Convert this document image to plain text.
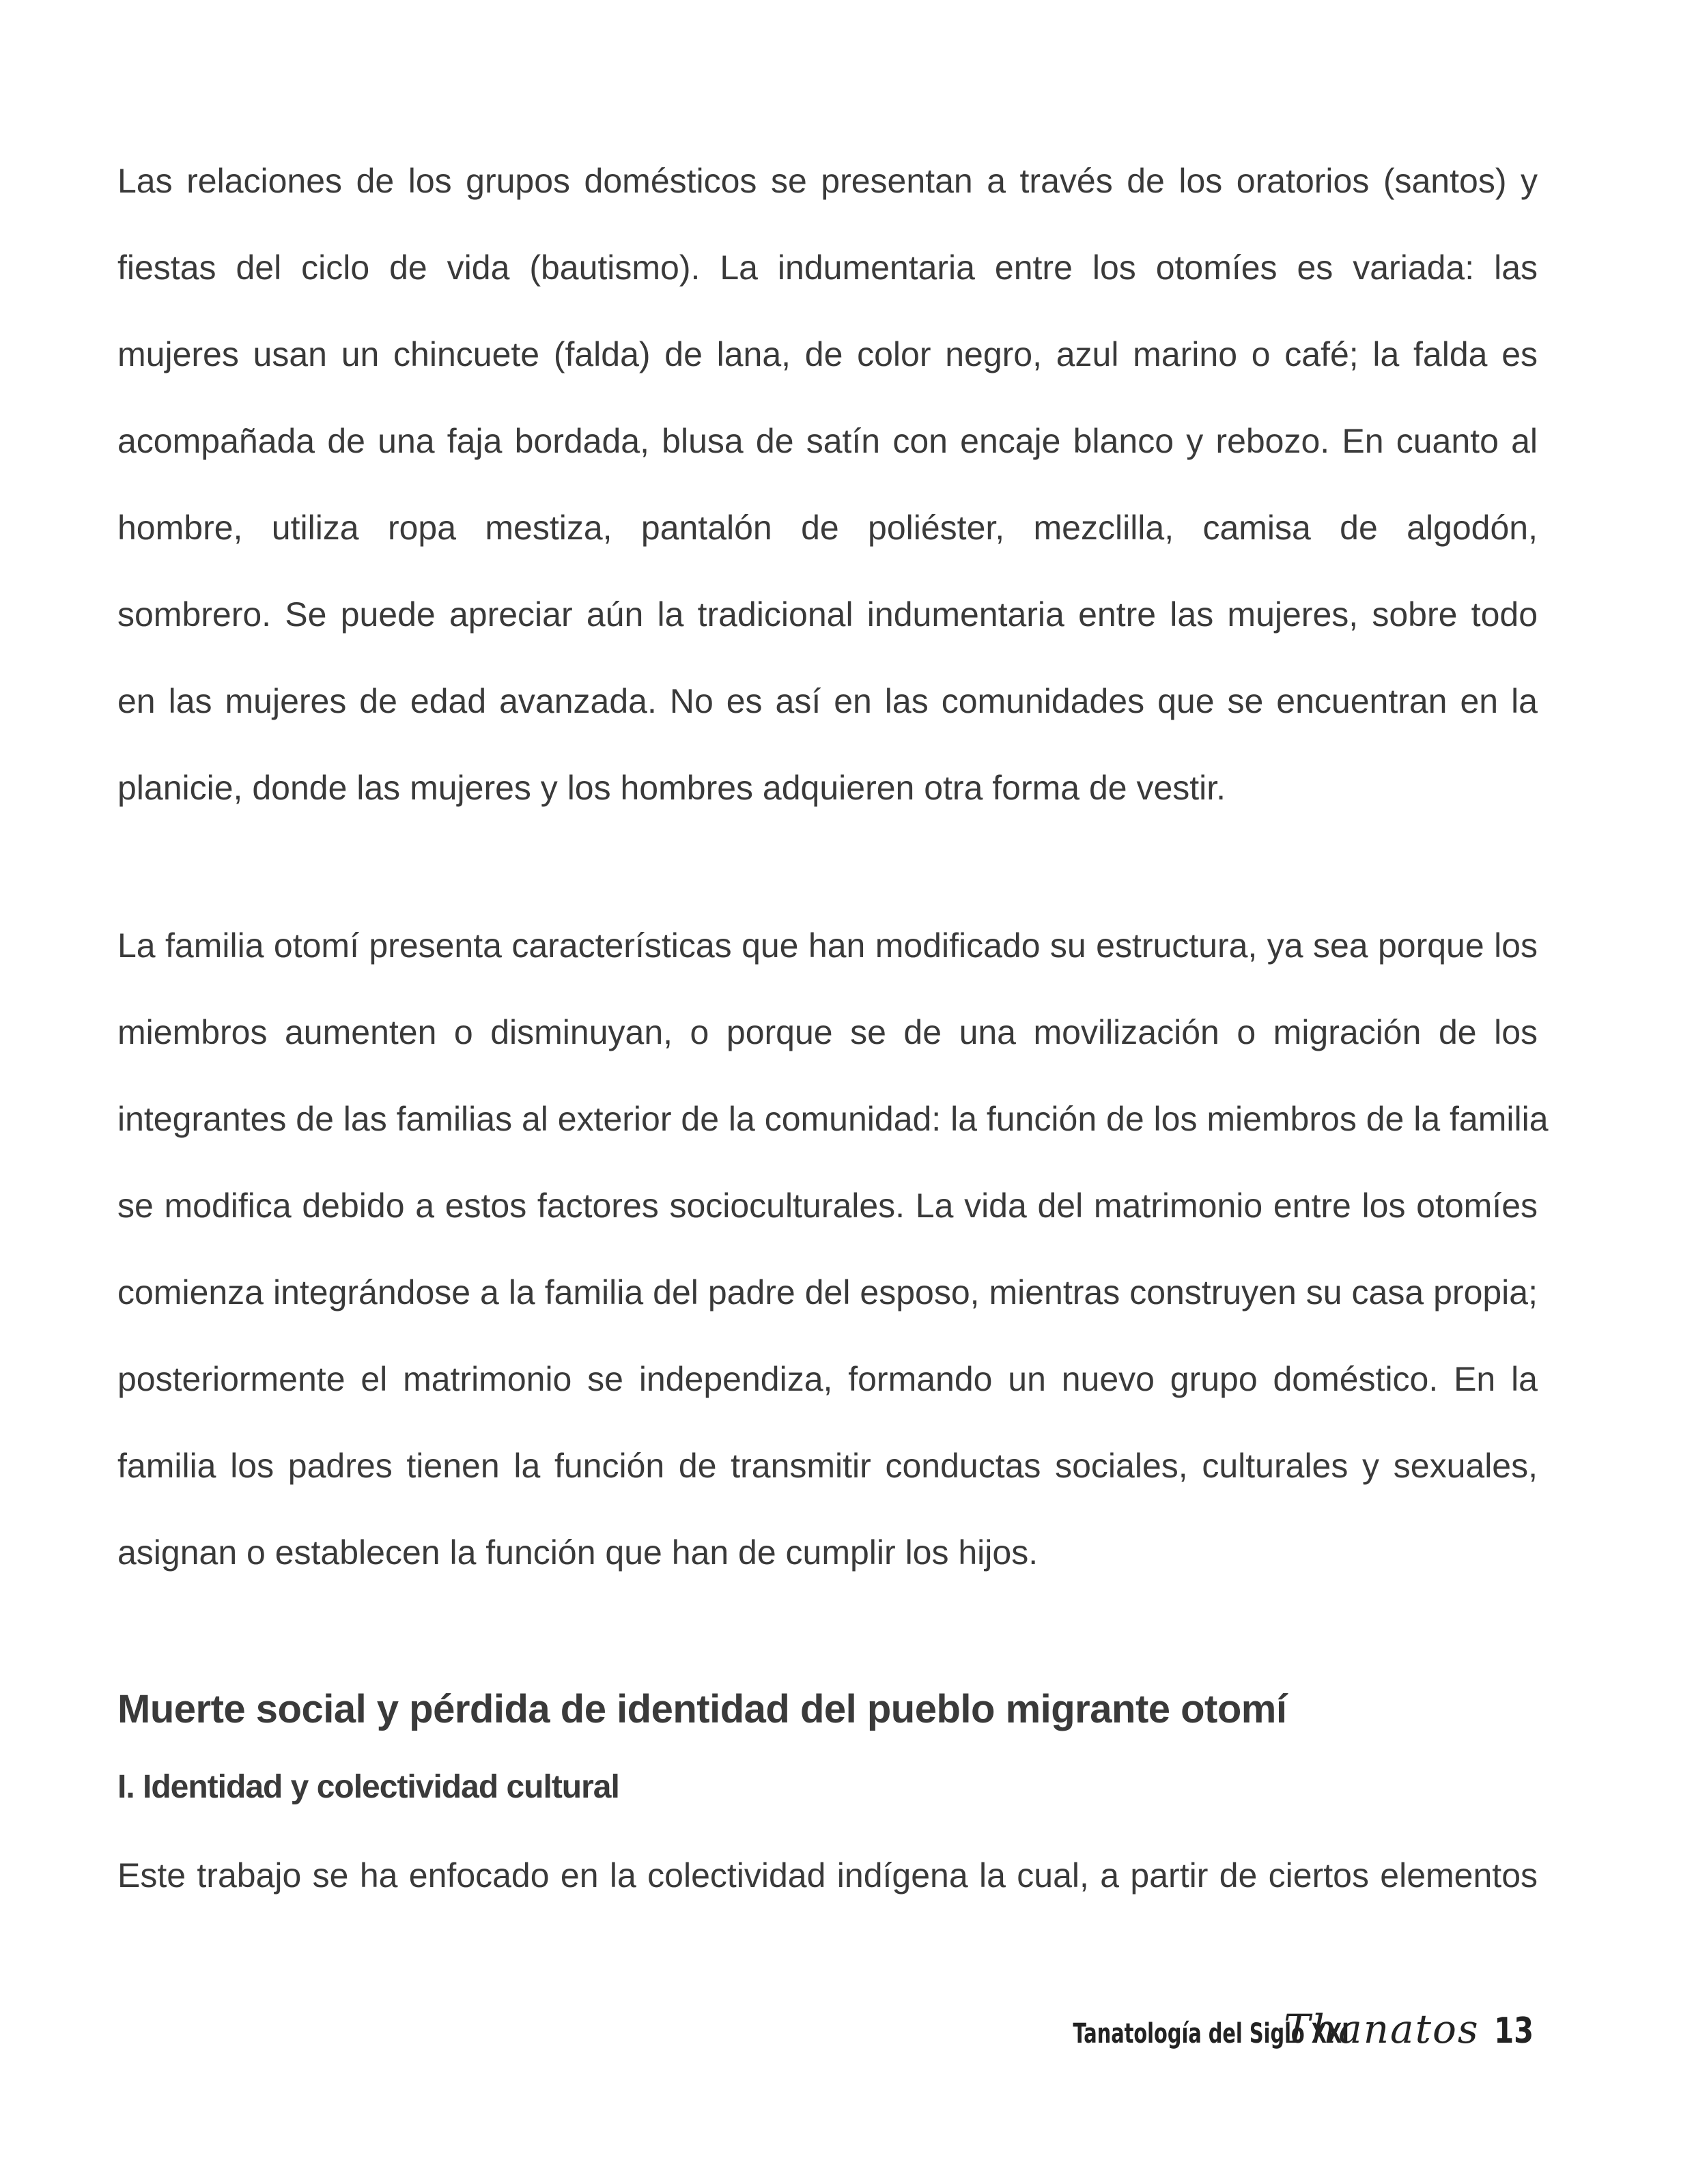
Las relaciones de los grupos domésticos se presentan a través de los oratorios (santos) y
fiestas del ciclo de vida (bautismo). La indumentaria entre los otomíes es variada: las
mujeres usan un chincuete (falda) de lana, de color negro, azul marino o café; la falda es
acompañada de una faja bordada, blusa de satín con encaje blanco y rebozo. En cuanto al
hombre, utiliza ropa mestiza, pantalón de poliéster, mezclilla, camisa de algodón,
sombrero. Se puede apreciar aún la tradicional indumentaria entre las mujeres, sobre todo
en las mujeres de edad avanzada. No es así en las comunidades que se encuentran en la
planicie, donde las mujeres y los hombres adquieren otra forma de vestir.

La familia otomí presenta características que han modificado su estructura, ya sea porque los
miembros aumenten o disminuyan, o porque se de una movilización o migración de los
integrantes de las familias al exterior de la comunidad: la función de los miembros de la familia
se modifica debido a estos factores socioculturales. La vida del matrimonio entre los otomíes
comienza integrándose a la familia del padre del esposo, mientras construyen su casa propia;
posteriormente el matrimonio se independiza, formando un nuevo grupo doméstico. En la
familia los padres tienen la función de transmitir conductas sociales, culturales y sexuales,
asignan o establecen la función que han de cumplir los hijos.

Muerte social y pérdida de identidad del pueblo migrante otomí
I. Identidad y colectividad cultural

Este trabajo se ha enfocado en la colectividad indígena la cual, a partir de ciertos elementos

Tanatología del Siglo XXI
Thanatos 13
